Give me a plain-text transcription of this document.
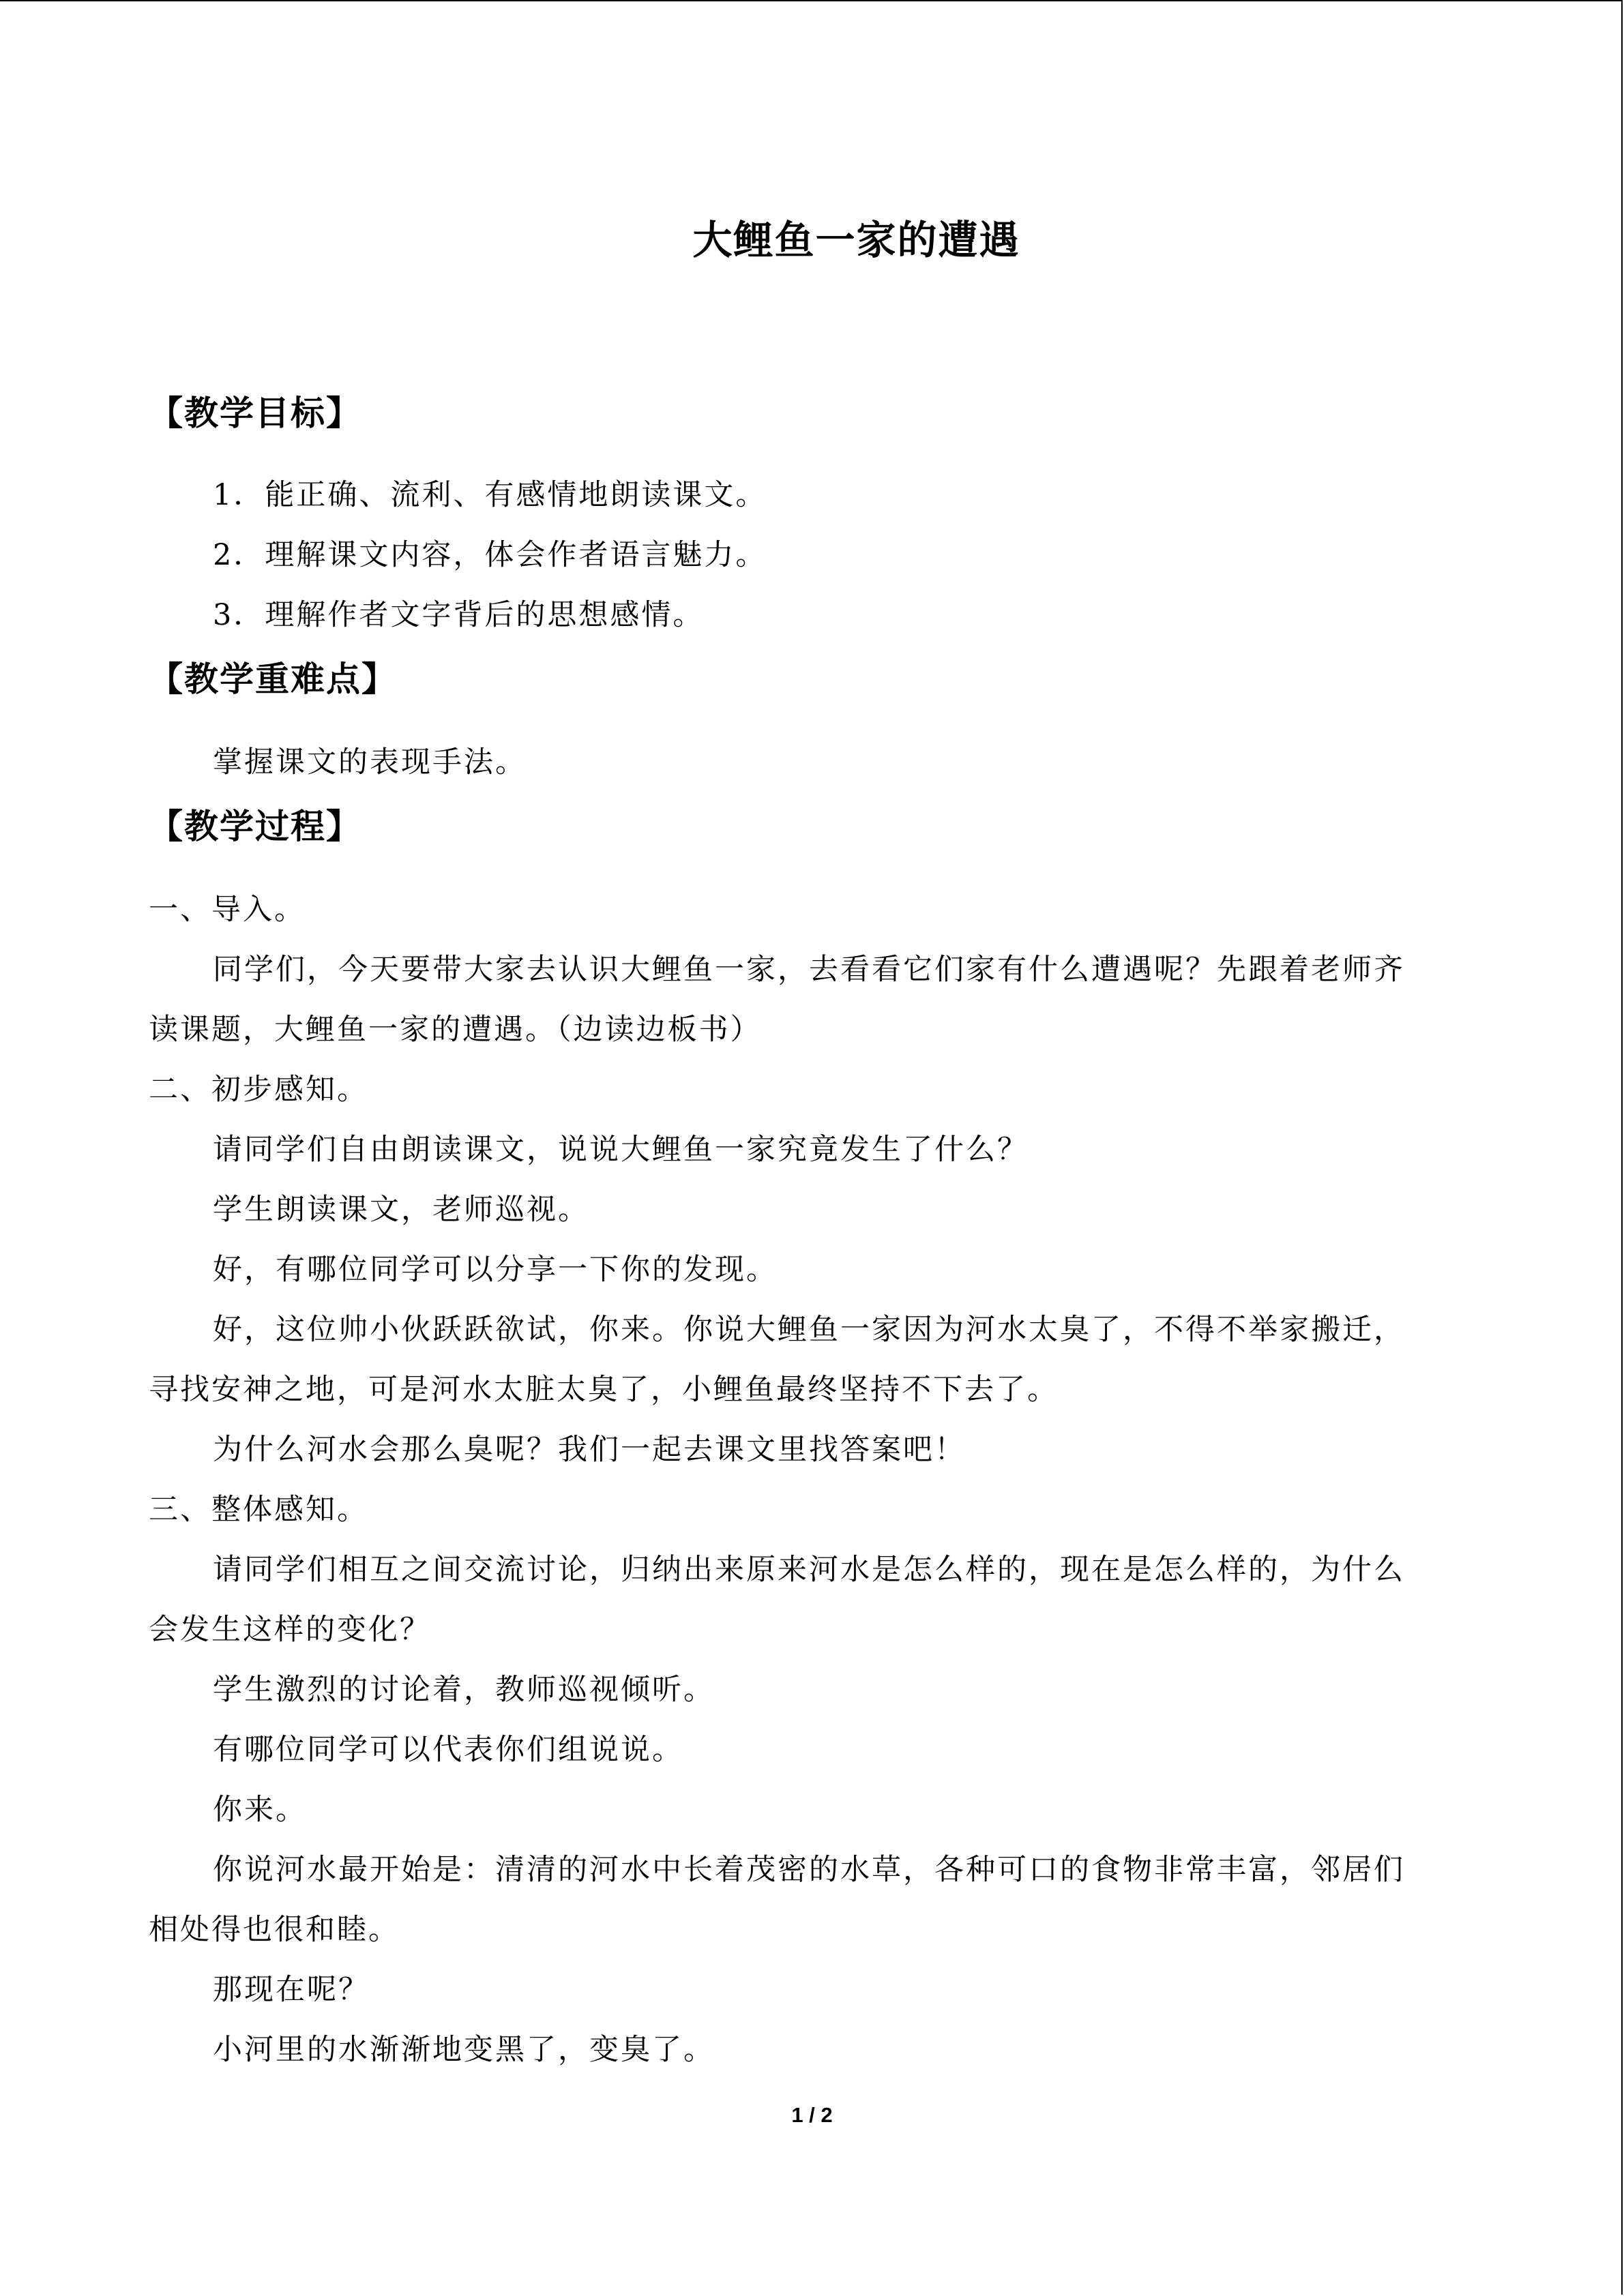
大鲤鱼一家的遭遇
【教学目标】
1．能正确、流利、有感情地朗读课文。
2．理解课文内容，体会作者语言魅力。
3．理解作者文字背后的思想感情。
【教学重难点】
掌握课文的表现手法。
【教学过程】
一、导入。
同学们，今天要带大家去认识大鲤鱼一家，去看看它们家有什么遭遇呢？先跟着老师齐
读课题，大鲤鱼一家的遭遇。（边读边板书）
二、初步感知。
请同学们自由朗读课文，说说大鲤鱼一家究竟发生了什么？
学生朗读课文，老师巡视。
好，有哪位同学可以分享一下你的发现。
好，这位帅小伙跃跃欲试，你来。你说大鲤鱼一家因为河水太臭了，不得不举家搬迁，
寻找安神之地，可是河水太脏太臭了，小鲤鱼最终坚持不下去了。
为什么河水会那么臭呢？我们一起去课文里找答案吧！
三、整体感知。
请同学们相互之间交流讨论，归纳出来原来河水是怎么样的，现在是怎么样的，为什么
会发生这样的变化？
学生激烈的讨论着，教师巡视倾听。
有哪位同学可以代表你们组说说。
你来。
你说河水最开始是：清清的河水中长着茂密的水草，各种可口的食物非常丰富，邻居们
相处得也很和睦。
那现在呢？
小河里的水渐渐地变黑了，变臭了。
1 / 2
